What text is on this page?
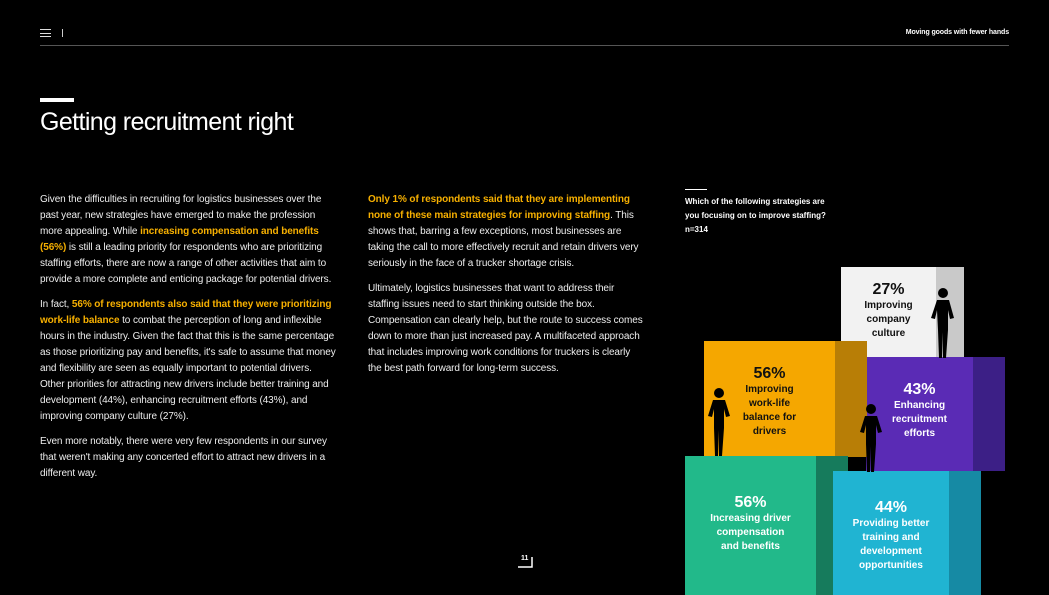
Moving goods with fewer hands
Getting recruitment right

Given the difficulties in recruiting for logistics businesses over the past year, new strategies have emerged to make the profession more appealing. While increasing compensation and benefits (56%) is still a leading priority for respondents who are prioritizing staffing efforts, there are now a range of other activities that aim to provide a more complete and enticing package for potential drivers.

In fact, 56% of respondents also said that they were prioritizing work-life balance to combat the perception of long and inflexible hours in the industry. Given the fact that this is the same percentage as those prioritizing pay and benefits, it's safe to assume that money and flexibility are seen as equally important to potential drivers. Other priorities for attracting new drivers include better training and development (44%), enhancing recruitment efforts (43%), and improving company culture (27%).

Even more notably, there were very few respondents in our survey that weren't making any concerted effort to attract new drivers in a different way.

Only 1% of respondents said that they are implementing none of these main strategies for improving staffing. This shows that, barring a few exceptions, most businesses are taking the call to more effectively recruit and retain drivers very seriously in the face of a trucker shortage crisis.

Ultimately, logistics businesses that want to address their staffing issues need to start thinking outside the box. Compensation can clearly help, but the route to success comes down to more than just increased pay. A multifaceted approach that includes improving work conditions for truckers is clearly the best path forward for long-term success.

Which of the following strategies are you focusing on to improve staffing? n=314
27%
Improving
company
culture
43%
Enhancing
recruitment
efforts
56%
Improving
work-life
balance for
drivers
56%
Increasing driver
compensation
and benefits
44%
Providing better
training and
development
opportunities
11
